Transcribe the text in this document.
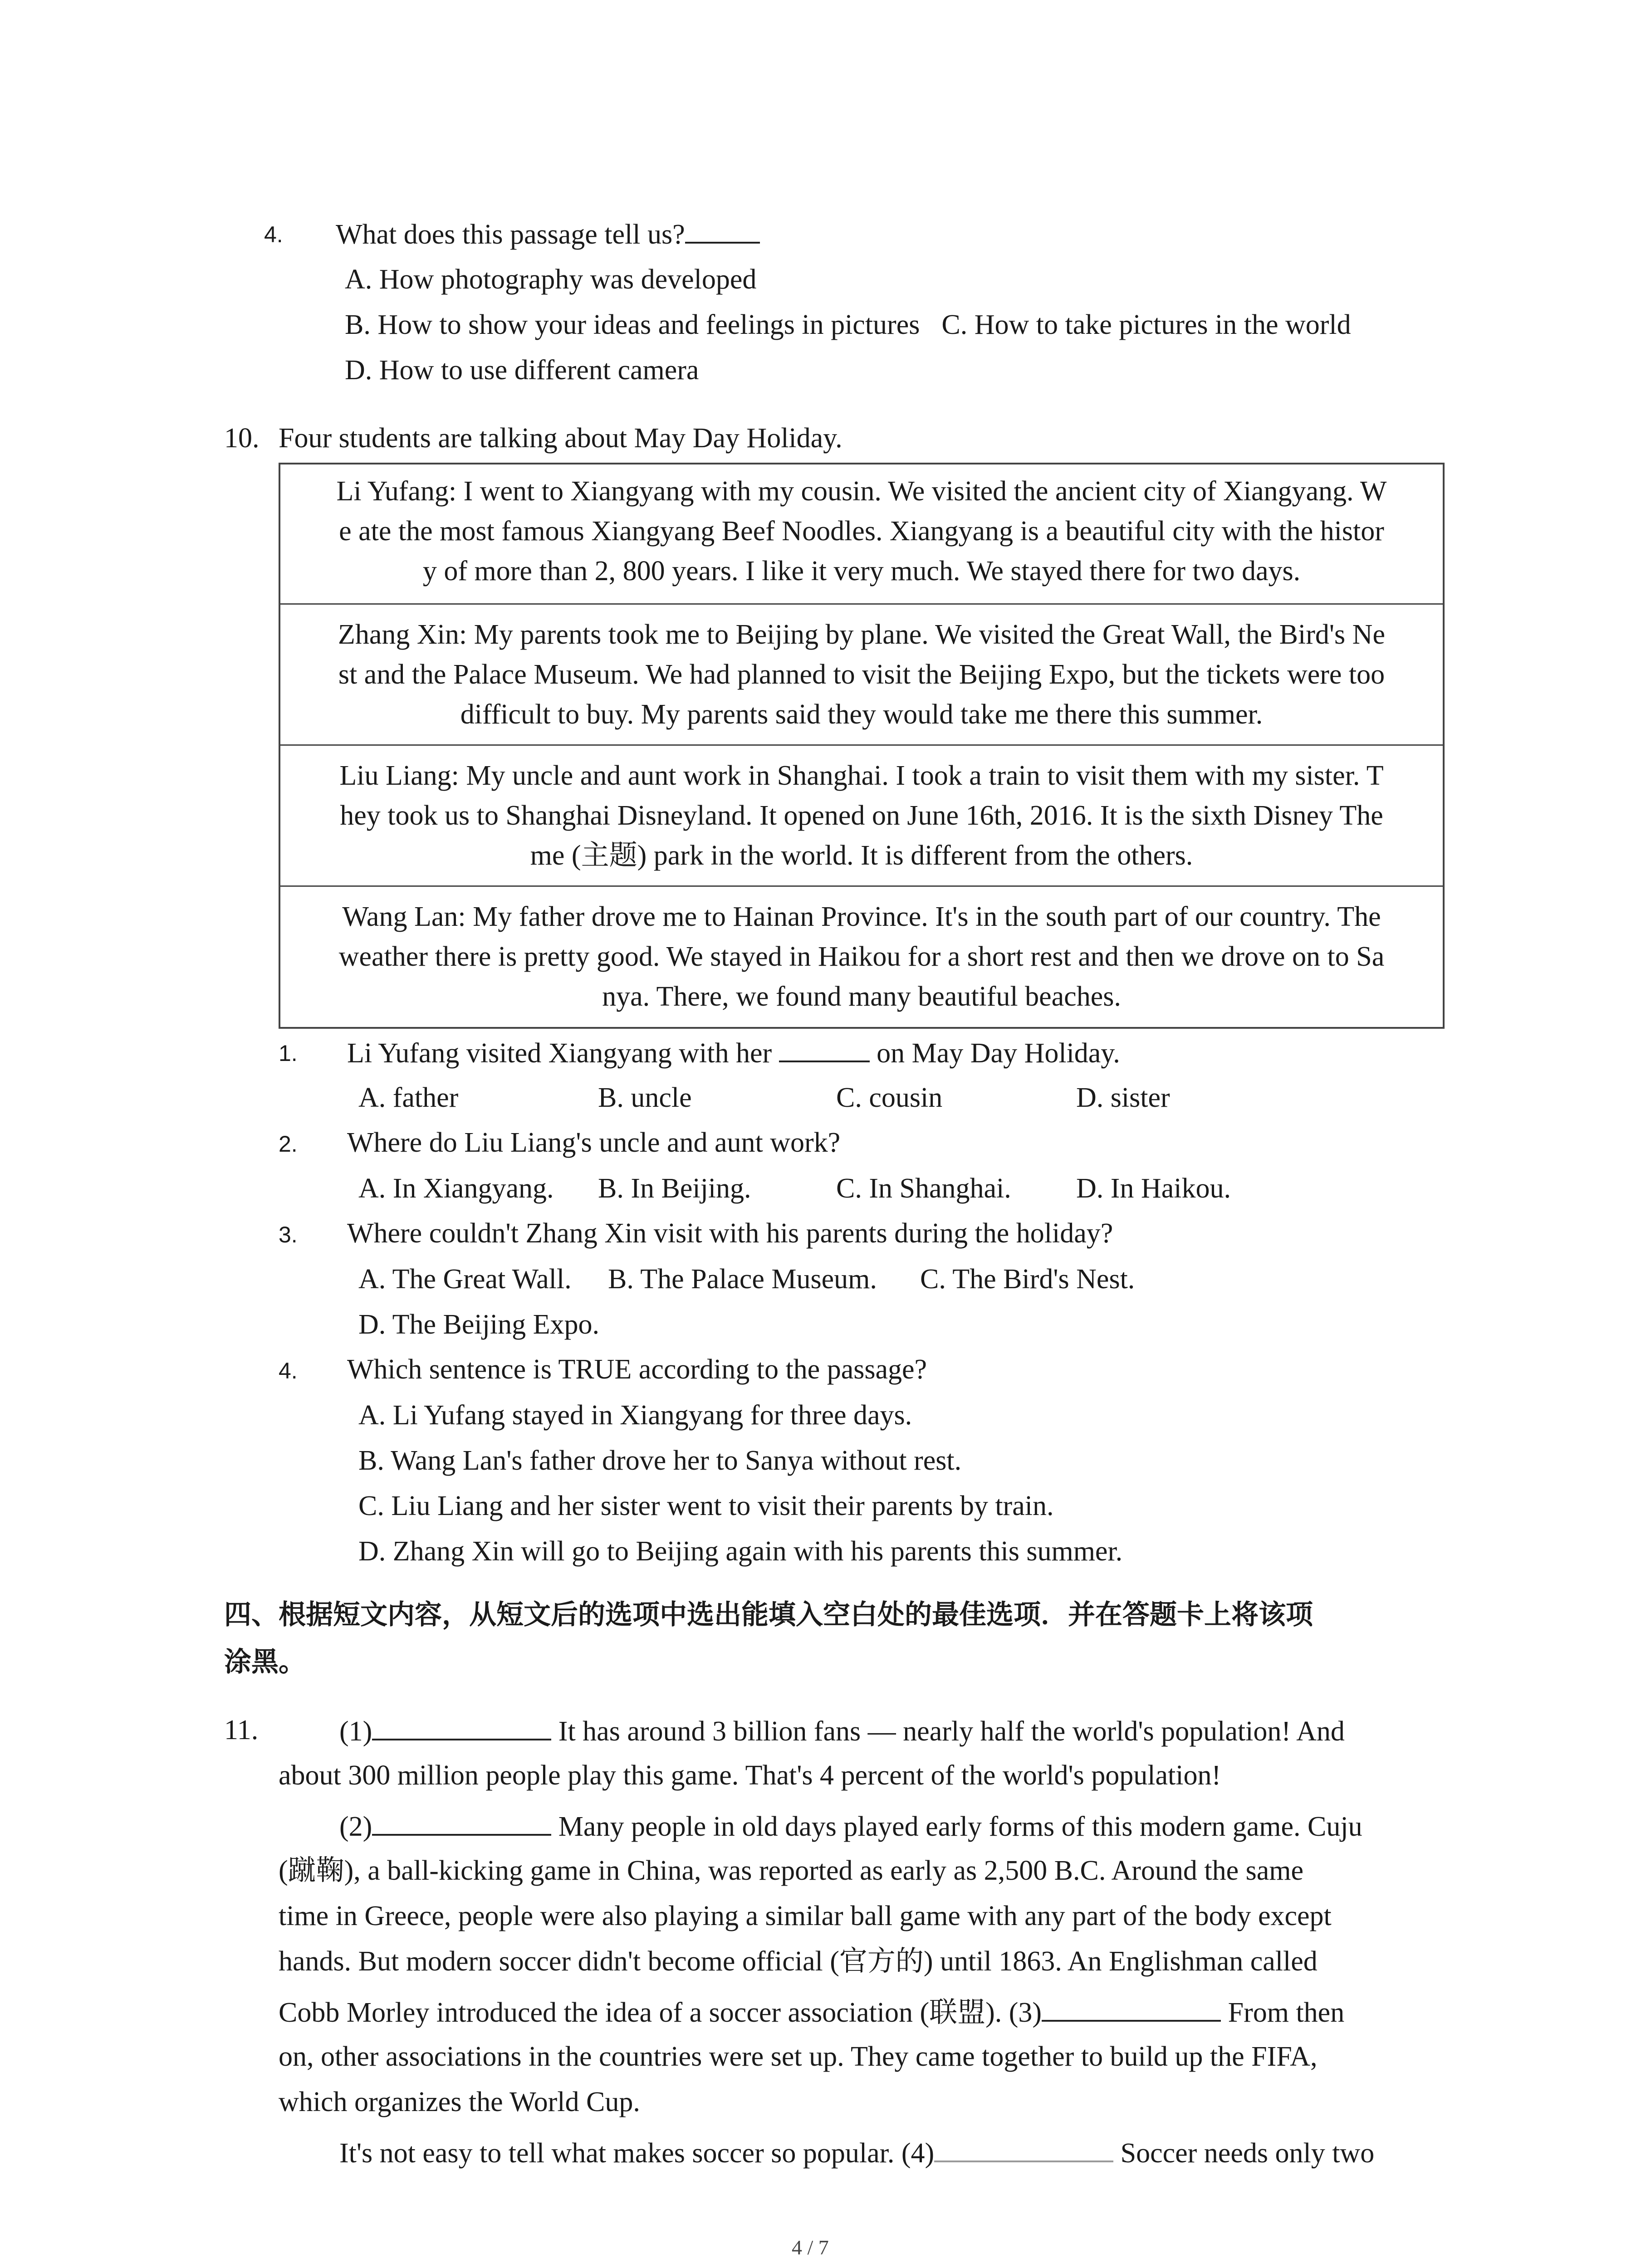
4. What does this passage tell us?
A. How photography was developed
B. How to show your ideas and feelings in pictures C. How to take pictures in the world
D. How to use different camera
10. Four students are talking about May Day Holiday.
Li Yufang: I went to Xiangyang with my cousin. We visited the ancient city of Xiangyang. W
e ate the most famous Xiangyang Beef Noodles. Xiangyang is a beautiful city with the histor
y of more than 2, 800 years. I like it very much. We stayed there for two days.
Zhang Xin: My parents took me to Beijing by plane. We visited the Great Wall, the Bird's Ne
st and the Palace Museum. We had planned to visit the Beijing Expo, but the tickets were too
difficult to buy. My parents said they would take me there this summer.
Liu Liang: My uncle and aunt work in Shanghai. I took a train to visit them with my sister. T
hey took us to Shanghai Disneyland. It opened on June 16th, 2016. It is the sixth Disney The
me (主题) park in the world. It is different from the others.
Wang Lan: My father drove me to Hainan Province. It's in the south part of our country. The
weather there is pretty good. We stayed in Haikou for a short rest and then we drove on to Sa
nya. There, we found many beautiful beaches.
1. Li Yufang visited Xiangyang with her	on May Day Holiday.
A. father	B. uncle	C. cousin	D. sister
2. Where do Liu Liang's uncle and aunt work?
A. In Xiangyang. B. In Beijing.	C. In Shanghai. D. In Haikou.
3. Where couldn't Zhang Xin visit with his parents during the holiday?
A. The Great Wall. B. The Palace Museum. C. The Bird's Nest.
D. The Beijing Expo.
4. Which sentence is TRUE according to the passage?
A. Li Yufang stayed in Xiangyang for three days.
B. Wang Lan's father drove her to Sanya without rest.
C. Liu Liang and her sister went to visit their parents by train.
D. Zhang Xin will go to Beijing again with his parents this summer.
四、根据短文内容，从短文后的选项中选出能填入空白处的最佳选项．并在答题卡上将该项
涂黑。
11.	(1)	It has around 3 billion fans — nearly half the world's population! And
about 300 million people play this game. That's 4 percent of the world's population!
(2)	Many people in old days played early forms of this modern game. Cuju
(蹴鞠), a ball-kicking game in China, was reported as early as 2,500 B.C. Around the same
time in Greece, people were also playing a similar ball game with any part of the body except
hands. But modern soccer didn't become official (官方的) until 1863. An Englishman called
Cobb Morley introduced the idea of a soccer association (联盟). (3)	From then
on, other associations in the countries were set up. They came together to build up the FIFA,
which organizes the World Cup.
It's not easy to tell what makes soccer so popular. (4)	Soccer needs only two
4 / 7
